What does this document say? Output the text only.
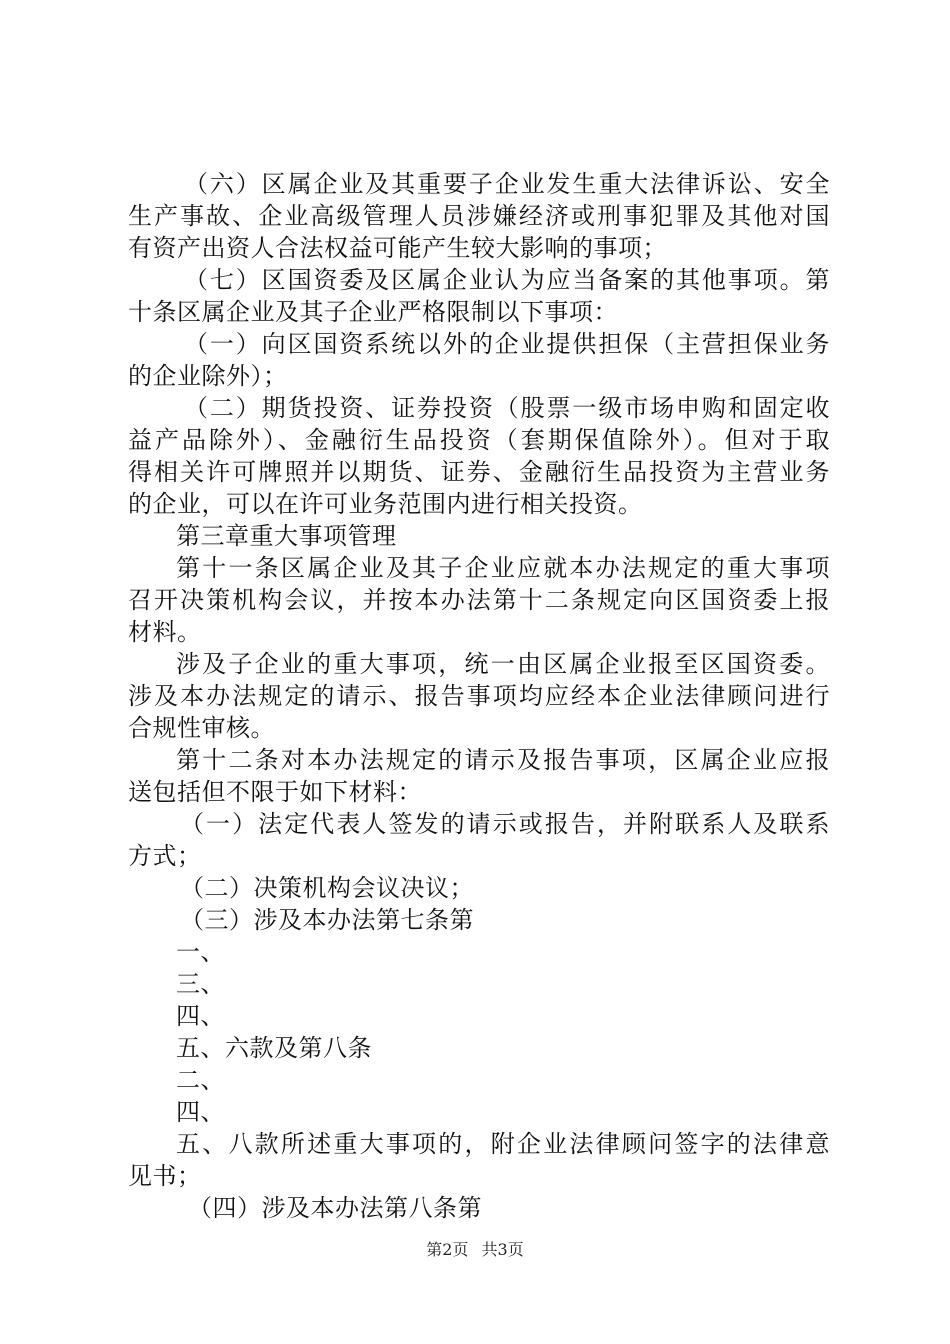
（六）区属企业及其重要子企业发生重大法律诉讼、安全
生产事故、企业高级管理人员涉嫌经济或刑事犯罪及其他对国
有资产出资人合法权益可能产生较大影响的事项；
（七）区国资委及区属企业认为应当备案的其他事项。第
十条区属企业及其子企业严格限制以下事项：
（一）向区国资系统以外的企业提供担保（主营担保业务
的企业除外）；
（二）期货投资、证券投资（股票一级市场申购和固定收
益产品除外）、金融衍生品投资（套期保值除外）。但对于取
得相关许可牌照并以期货、证券、金融衍生品投资为主营业务
的企业，可以在许可业务范围内进行相关投资。
第三章重大事项管理
第十一条区属企业及其子企业应就本办法规定的重大事项
召开决策机构会议，并按本办法第十二条规定向区国资委上报
材料。
涉及子企业的重大事项，统一由区属企业报至区国资委。
涉及本办法规定的请示、报告事项均应经本企业法律顾问进行
合规性审核。
第十二条对本办法规定的请示及报告事项，区属企业应报
送包括但不限于如下材料：
（一）法定代表人签发的请示或报告，并附联系人及联系
方式；
（二）决策机构会议决议；
（三）涉及本办法第七条第
一、
三、
四、
五、六款及第八条
二、
四、
五、八款所述重大事项的，附企业法律顾问签字的法律意
见书；
（四）涉及本办法第八条第
第2页 共3页
